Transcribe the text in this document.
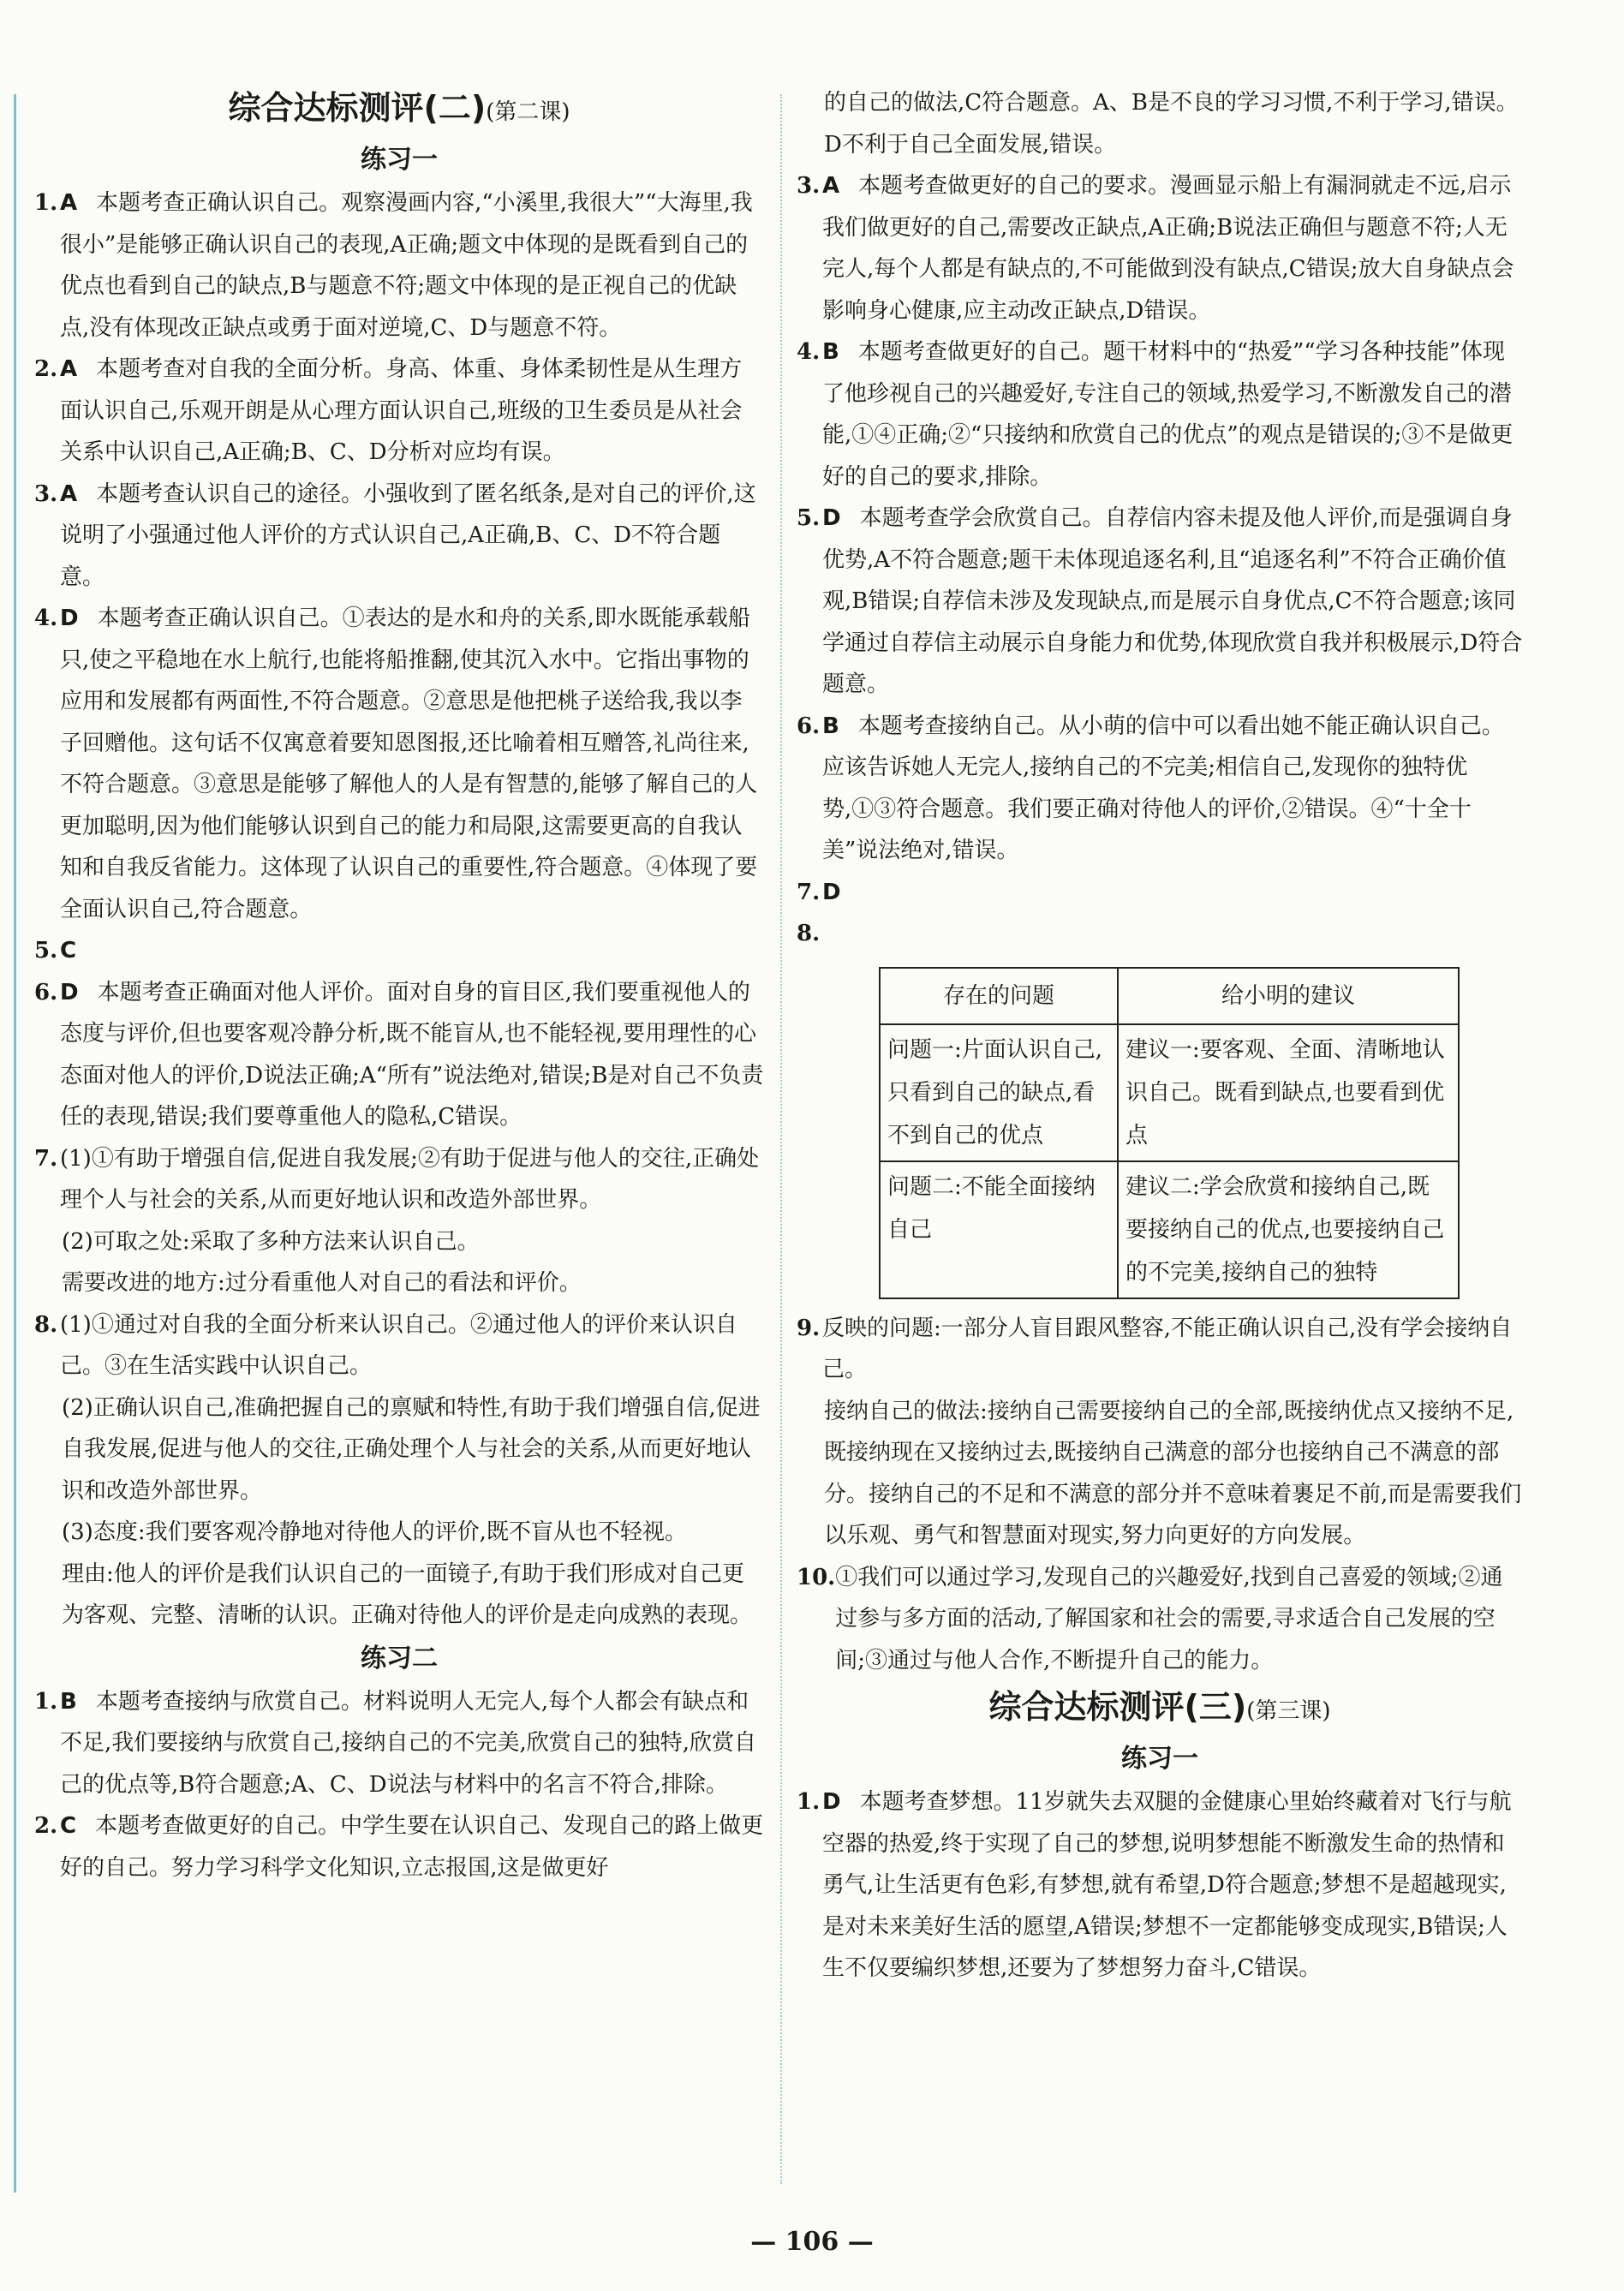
综合达标测评(二)(第二课)

练习一

1. A 本题考查正确认识自己。观察漫画内容,“小溪里,我很大”“大海里,我很小”是能够正确认识自己的表现,A正确;题文中体现的是既看到自己的优点也看到自己的缺点,B与题意不符;题文中体现的是正视自己的优缺点,没有体现改正缺点或勇于面对逆境,C、D与题意不符。
2. A 本题考查对自我的全面分析。身高、体重、身体柔韧性是从生理方面认识自己,乐观开朗是从心理方面认识自己,班级的卫生委员是从社会关系中认识自己,A正确;B、C、D分析对应均有误。
3. A 本题考查认识自己的途径。小强收到了匿名纸条,是对自己的评价,这说明了小强通过他人评价的方式认识自己,A正确,B、C、D不符合题意。
4. D 本题考查正确认识自己。①表达的是水和舟的关系,即水既能承载船只,使之平稳地在水上航行,也能将船推翻,使其沉入水中。它指出事物的应用和发展都有两面性,不符合题意。②意思是他把桃子送给我,我以李子回赠他。这句话不仅寓意着要知恩图报,还比喻着相互赠答,礼尚往来,不符合题意。③意思是能够了解他人的人是有智慧的,能够了解自己的人更加聪明,因为他们能够认识到自己的能力和局限,这需要更高的自我认知和自我反省能力。这体现了认识自己的重要性,符合题意。④体现了要全面认识自己,符合题意。
5. C
6. D 本题考查正确面对他人评价。面对自身的盲目区,我们要重视他人的态度与评价,但也要客观冷静分析,既不能盲从,也不能轻视,要用理性的心态面对他人的评价,D说法正确;A“所有”说法绝对,错误;B是对自己不负责任的表现,错误;我们要尊重他人的隐私,C错误。
7. (1)①有助于增强自信,促进自我发展;②有助于促进与他人的交往,正确处理个人与社会的关系,从而更好地认识和改造外部世界。

(2)可取之处:采取了多种方法来认识自己。

需要改进的地方:过分看重他人对自己的看法和评价。

8. (1)①通过对自我的全面分析来认识自己。②通过他人的评价来认识自己。③在生活实践中认识自己。

(2)正确认识自己,准确把握自己的禀赋和特性,有助于我们增强自信,促进自我发展,促进与他人的交往,正确处理个人与社会的关系,从而更好地认识和改造外部世界。

(3)态度:我们要客观冷静地对待他人的评价,既不盲从也不轻视。

理由:他人的评价是我们认识自己的一面镜子,有助于我们形成对自己更为客观、完整、清晰的认识。正确对待他人的评价是走向成熟的表现。

练习二

1. B 本题考查接纳与欣赏自己。材料说明人无完人,每个人都会有缺点和不足,我们要接纳与欣赏自己,接纳自己的不完美,欣赏自己的独特,欣赏自己的优点等,B符合题意;A、C、D说法与材料中的名言不符合,排除。
2. C 本题考查做更好的自己。中学生要在认识自己、发现自己的路上做更好的自己。努力学习科学文化知识,立志报国,这是做更好

的自己的做法,C符合题意。A、B是不良的学习习惯,不利于学习,错误。D不利于自己全面发展,错误。

3. A 本题考查做更好的自己的要求。漫画显示船上有漏洞就走不远,启示我们做更好的自己,需要改正缺点,A正确;B说法正确但与题意不符;人无完人,每个人都是有缺点的,不可能做到没有缺点,C错误;放大自身缺点会影响身心健康,应主动改正缺点,D错误。
4. B 本题考查做更好的自己。题干材料中的“热爱”“学习各种技能”体现了他珍视自己的兴趣爱好,专注自己的领域,热爱学习,不断激发自己的潜能,①④正确;②“只接纳和欣赏自己的优点”的观点是错误的;③不是做更好的自己的要求,排除。
5. D 本题考查学会欣赏自己。自荐信内容未提及他人评价,而是强调自身优势,A不符合题意;题干未体现追逐名利,且“追逐名利”不符合正确价值观,B错误;自荐信未涉及发现缺点,而是展示自身优点,C不符合题意;该同学通过自荐信主动展示自身能力和优势,体现欣赏自我并积极展示,D符合题意。
6. B 本题考查接纳自己。从小萌的信中可以看出她不能正确认识自己。应该告诉她人无完人,接纳自己的不完美;相信自己,发现你的独特优势,①③符合题意。我们要正确对待他人的评价,②错误。④“十全十美”说法绝对,错误。
7. D
8.
存在的问题	给小明的建议
问题一:片面认识自己,只看到自己的缺点,看不到自己的优点	建议一:要客观、全面、清晰地认识自己。既看到缺点,也要看到优点
问题二:不能全面接纳自己	建议二:学会欣赏和接纳自己,既要接纳自己的优点,也要接纳自己的不完美,接纳自己的独特
9. 反映的问题:一部分人盲目跟风整容,不能正确认识自己,没有学会接纳自己。

接纳自己的做法:接纳自己需要接纳自己的全部,既接纳优点又接纳不足,既接纳现在又接纳过去,既接纳自己满意的部分也接纳自己不满意的部分。接纳自己的不足和不满意的部分并不意味着裹足不前,而是需要我们以乐观、勇气和智慧面对现实,努力向更好的方向发展。

10. ①我们可以通过学习,发现自己的兴趣爱好,找到自己喜爱的领域;②通过参与多方面的活动,了解国家和社会的需要,寻求适合自己发展的空间;③通过与他人合作,不断提升自己的能力。

综合达标测评(三)(第三课)

练习一

1. D 本题考查梦想。11岁就失去双腿的金健康心里始终藏着对飞行与航空器的热爱,终于实现了自己的梦想,说明梦想能不断激发生命的热情和勇气,让生活更有色彩,有梦想,就有希望,D符合题意;梦想不是超越现实,是对未来美好生活的愿望,A错误;梦想不一定都能够变成现实,B错误;人生不仅要编织梦想,还要为了梦想努力奋斗,C错误。
— 106 —
